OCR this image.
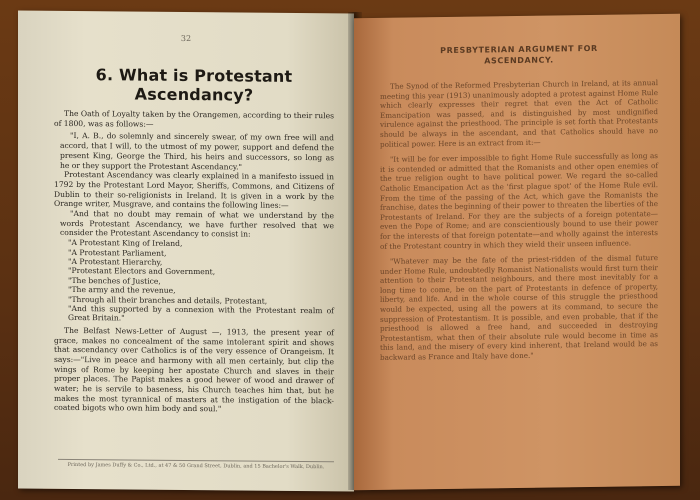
32
6. What is Protestant Ascendancy?

The Oath of Loyalty taken by the Orangemen, according to their rules of 1800, was as follows:—

"I, A. B., do solemnly and sincerely swear, of my own free will and accord, that I will, to the utmost of my power, support and defend the present King, George the Third, his heirs and successors, so long as he or they support the Protestant Ascendancy."

Protestant Ascendancy was clearly explained in a manifesto issued in 1792 by the Protestant Lord Mayor, Sheriffs, Commons, and Citizens of Dublin to their so-religionists in Ireland. It is given in a work by the Orange writer, Musgrave, and contains the following lines:—

"And that no doubt may remain of what we understand by the words Protestant Ascendancy, we have further resolved that we consider the Protestant Ascendancy to consist in:

"A Protestant King of Ireland,
"A Protestant Parliament,
"A Protestant Hierarchy,
"Protestant Electors and Government,
"The benches of Justice,
"The army and the revenue,
"Through all their branches and details, Protestant,
"And this supported by a connexion with the Protestant realm of Great Britain."

The Belfast News-Letter of August —, 1913, the present year of grace, makes no concealment of the same intolerant spirit and shows that ascendancy over Catholics is of the very essence of Orangeism. It says:—"Live in peace and harmony with all men certainly, but clip the wings of Rome by keeping her apostate Church and slaves in their proper places. The Papist makes a good hewer of wood and drawer of water; he is servile to baseness, his Church teaches him that, but he makes the most tyrannical of masters at the instigation of the black-coated bigots who own him body and soul."

Printed by James Duffy & Co., Ltd., at 47 & 50 Grand Street, Dublin, and 15 Bachelor's Walk, Dublin.
PRESBYTERIAN ARGUMENT FOR
ASCENDANCY.

The Synod of the Reformed Presbyterian Church in Ireland, at its annual meeting this year (1913) unanimously adopted a protest against Home Rule which clearly expresses their regret that even the Act of Catholic Emancipation was passed, and is distinguished by most undignified virulence against the priesthood. The principle is set forth that Protestants should be always in the ascendant, and that Catholics should have no political power. Here is an extract from it:—

"It will be for ever impossible to fight Home Rule successfully as long as it is contended or admitted that the Romanists and other open enemies of the true religion ought to have political power. We regard the so-called Catholic Emancipation Act as the 'first plague spot' of the Home Rule evil. From the time of the passing of the Act, which gave the Romanists the franchise, dates the beginning of their power to threaten the liberties of the Protestants of Ireland. For they are the subjects of a foreign potentate—even the Pope of Rome; and are conscientiously bound to use their power for the interests of that foreign potentate—and wholly against the interests of the Protestant country in which they wield their unseen influence.

"Whatever may be the fate of the priest-ridden of the dismal future under Home Rule, undoubtedly Romanist Nationalists would first turn their attention to their Protestant neighbours, and there most inevitably for a long time to come, be on the part of Protestants in defence of property, liberty, and life. And in the whole course of this struggle the priesthood would be expected, using all the powers at its command, to secure the suppression of Protestantism. It is possible, and even probable, that if the priesthood is allowed a free hand, and succeeded in destroying Protestantism, what then of their absolute rule would become in time as this land, and the misery of every kind inherent, that Ireland would be as backward as France and Italy have done."
